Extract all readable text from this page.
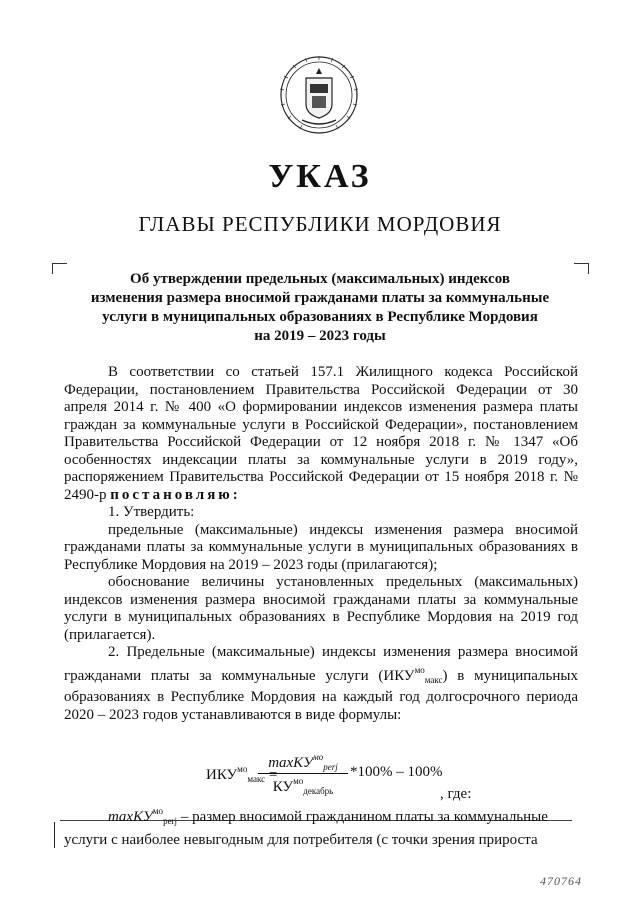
УКАЗ
ГЛАВЫ РЕСПУБЛИКИ МОРДОВИЯ
Об утверждении предельных (максимальных) индексов
изменения размера вносимой гражданами платы за коммунальные
услуги в муниципальных образованиях в Республике Мордовия
на 2019 – 2023 годы

В соответствии со статьей 157.1 Жилищного кодекса Российской Федерации, постановлением Правительства Российской Федерации от 30 апреля 2014 г. № 400 «О формировании индексов изменения размера платы граждан за коммунальные услуги в Российской Федерации», постановлением Правительства Российской Федерации от 12 ноября 2018 г. № 1347 «Об особенностях индексации платы за коммунальные услуги в 2019 году», распоряжением Правительства Российской Федерации от 15 ноября 2018 г. № 2490-р постановляю:

1. Утвердить:

предельные (максимальные) индексы изменения размера вносимой гражданами платы за коммунальные услуги в муниципальных образованиях в Республике Мордовия на 2019 – 2023 годы (прилагаются);

обоснование величины установленных предельных (максимальных) индексов изменения размера вносимой гражданами платы за коммунальные услуги в муниципальных образованиях в Республике Мордовия на 2019 год (прилагается).

2. Предельные (максимальные) индексы изменения размера вносимой гражданами платы за коммунальные услуги $(ИКУ^{мо}_{макс})$ в муниципальных образованиях в Республике Мордовия на каждый год долгосрочного периода 2020 – 2023 годов устанавливаются в виде формулы:

$ИКУ^{мо}_{макс}$ =
maxКУ$^{мо}_{perj}$
$КУ^{мо}_{декабрь}$
*100% – 100%
, где:
maxКУ$^{мо}_{perj}$ – размер вносимой гражданином платы за коммунальные услуги с наиболее невыгодным для потребителя (с точки зрения прироста
470764
